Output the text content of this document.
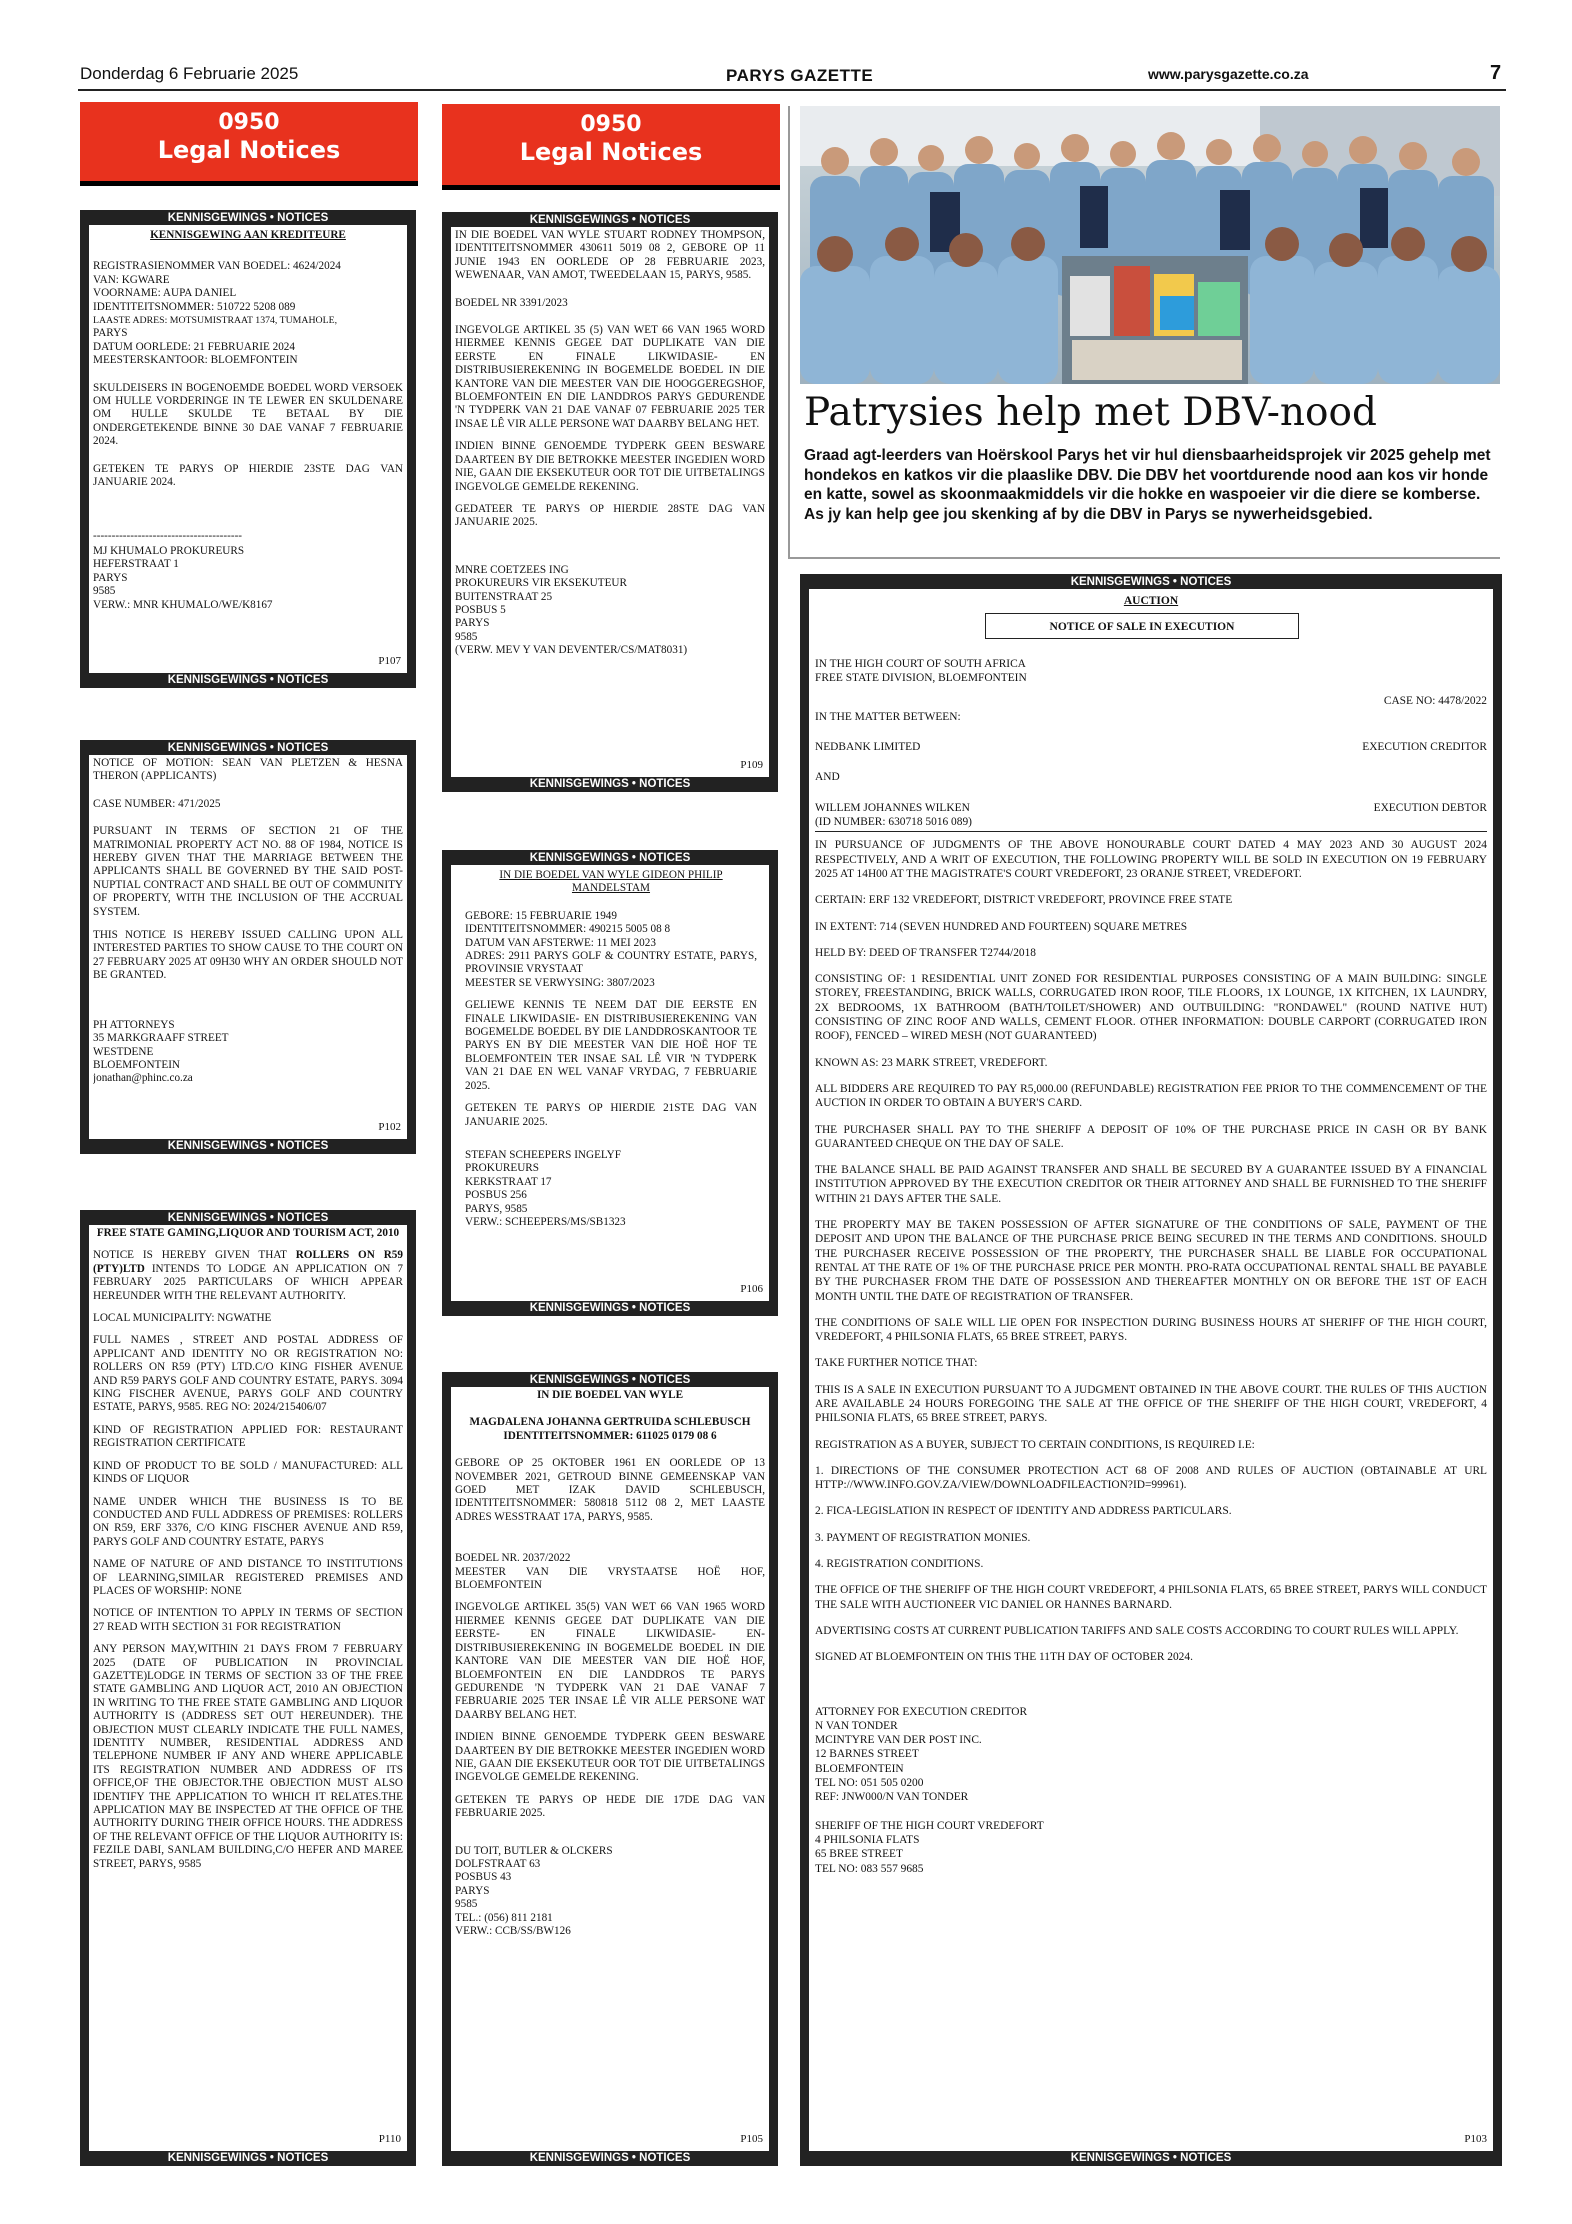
Donderdag 6 Februarie 2025	PARYS GAZETTE	www.parysgazette.co.za	7
0950
Legal Notices
0950
Legal Notices
KENNISGEWINGS • NOTICES

KENNISGEWING AAN KREDITEURE

REGISTRASIENOMMER VAN BOEDEL: 4624/2024
VAN: KGWARE
VOORNAME: AUPA DANIEL
IDENTITEITSNOMMER: 510722 5208 089
LAASTE ADRES: MOTSUMISTRAAT 1374, TUMAHOLE,
PARYS
DATUM OORLEDE: 21 FEBRUARIE 2024
MEESTERSKANTOOR: BLOEMFONTEIN

SKULDEISERS IN BOGENOEMDE BOEDEL WORD VERSOEK OM HULLE VORDERINGE IN TE LEWER EN SKULDENARE OM HULLE SKULDE TE BETAAL BY DIE ONDERGETEKENDE BINNE 30 DAE VANAF 7 FEBRUARIE 2024.

GETEKEN TE PARYS OP HIERDIE 23STE DAG VAN JANUARIE 2024.

----------------------------------------

MJ KHUMALO PROKUREURS
HEFERSTRAAT 1
PARYS
9585
VERW.: MNR KHUMALO/WE/K8167

P107
KENNISGEWINGS • NOTICES
KENNISGEWINGS • NOTICES

NOTICE OF MOTION: SEAN VAN PLETZEN & HESNA THERON (APPLICANTS)

CASE NUMBER: 471/2025

PURSUANT IN TERMS OF SECTION 21 OF THE MATRIMONIAL PROPERTY ACT NO. 88 OF 1984, NOTICE IS HEREBY GIVEN THAT THE MARRIAGE BETWEEN THE APPLICANTS SHALL BE GOVERNED BY THE SAID POST-NUPTIAL CONTRACT AND SHALL BE OUT OF COMMUNITY OF PROPERTY, WITH THE INCLUSION OF THE ACCRUAL SYSTEM.

THIS NOTICE IS HEREBY ISSUED CALLING UPON ALL INTERESTED PARTIES TO SHOW CAUSE TO THE COURT ON 27 FEBRUARY 2025 AT 09H30 WHY AN ORDER SHOULD NOT BE GRANTED.

PH ATTORNEYS
35 MARKGRAAFF STREET
WESTDENE
BLOEMFONTEIN
jonathan@phinc.co.za

P102
KENNISGEWINGS • NOTICES
KENNISGEWINGS • NOTICES

FREE STATE GAMING,LIQUOR AND TOURISM ACT, 2010

NOTICE IS HEREBY GIVEN THAT ROLLERS ON R59 (PTY)LTD INTENDS TO LODGE AN APPLICATION ON 7 FEBRUARY 2025 PARTICULARS OF WHICH APPEAR HEREUNDER WITH THE RELEVANT AUTHORITY.

LOCAL MUNICIPALITY: NGWATHE

FULL NAMES , STREET AND POSTAL ADDRESS OF APPLICANT AND IDENTITY NO OR REGISTRATION NO: ROLLERS ON R59 (PTY) LTD.C/O KING FISHER AVENUE AND R59 PARYS GOLF AND COUNTRY ESTATE, PARYS. 3094 KING FISCHER AVENUE, PARYS GOLF AND COUNTRY ESTATE, PARYS, 9585. REG NO: 2024/215406/07

KIND OF REGISTRATION APPLIED FOR: RESTAURANT REGISTRATION CERTIFICATE

KIND OF PRODUCT TO BE SOLD / MANUFACTURED: ALL KINDS OF LIQUOR

NAME UNDER WHICH THE BUSINESS IS TO BE CONDUCTED AND FULL ADDRESS OF PREMISES: ROLLERS ON R59, ERF 3376, C/O KING FISCHER AVENUE AND R59, PARYS GOLF AND COUNTRY ESTATE, PARYS

NAME OF NATURE OF AND DISTANCE TO INSTITUTIONS OF LEARNING,SIMILAR REGISTERED PREMISES AND PLACES OF WORSHIP: NONE

NOTICE OF INTENTION TO APPLY IN TERMS OF SECTION 27 READ WITH SECTION 31 FOR REGISTRATION

ANY PERSON MAY,WITHIN 21 DAYS FROM 7 FEBRUARY 2025 (DATE OF PUBLICATION IN PROVINCIAL GAZETTE)LODGE IN TERMS OF SECTION 33 OF THE FREE STATE GAMBLING AND LIQUOR ACT, 2010 AN OBJECTION IN WRITING TO THE FREE STATE GAMBLING AND LIQUOR AUTHORITY IS (ADDRESS SET OUT HEREUNDER). THE OBJECTION MUST CLEARLY INDICATE THE FULL NAMES, IDENTITY NUMBER, RESIDENTIAL ADDRESS AND TELEPHONE NUMBER IF ANY AND WHERE APPLICABLE ITS REGISTRATION NUMBER AND ADDRESS OF ITS OFFICE,OF THE OBJECTOR.THE OBJECTION MUST ALSO IDENTIFY THE APPLICATION TO WHICH IT RELATES.THE APPLICATION MAY BE INSPECTED AT THE OFFICE OF THE AUTHORITY DURING THEIR OFFICE HOURS. THE ADDRESS OF THE RELEVANT OFFICE OF THE LIQUOR AUTHORITY IS: FEZILE DABI, SANLAM BUILDING,C/O HEFER AND MAREE STREET, PARYS, 9585

P110
KENNISGEWINGS • NOTICES
KENNISGEWINGS • NOTICES

IN DIE BOEDEL VAN WYLE STUART RODNEY THOMPSON, IDENTITEITSNOMMER 430611 5019 08 2, GEBORE OP 11 JUNIE 1943 EN OORLEDE OP 28 FEBRUARIE 2023, WEWENAAR, VAN AMOT, TWEEDELAAN 15, PARYS, 9585.

BOEDEL NR 3391/2023

INGEVOLGE ARTIKEL 35 (5) VAN WET 66 VAN 1965 WORD HIERMEE KENNIS GEGEE DAT DUPLIKATE VAN DIE EERSTE EN FINALE LIKWIDASIE- EN DISTRIBUSIEREKENING IN BOGEMELDE BOEDEL IN DIE KANTORE VAN DIE MEESTER VAN DIE HOOGGEREGSHOF, BLOEMFONTEIN EN DIE LANDDROS PARYS GEDURENDE 'N TYDPERK VAN 21 DAE VANAF 07 FEBRUARIE 2025 TER INSAE LÊ VIR ALLE PERSONE WAT DAARBY BELANG HET.

INDIEN BINNE GENOEMDE TYDPERK GEEN BESWARE DAARTEEN BY DIE BETROKKE MEESTER INGEDIEN WORD NIE, GAAN DIE EKSEKUTEUR OOR TOT DIE UITBETALINGS INGEVOLGE GEMELDE REKENING.

GEDATEER TE PARYS OP HIERDIE 28STE DAG VAN JANUARIE 2025.

MNRE COETZEES ING
PROKUREURS VIR EKSEKUTEUR
BUITENSTRAAT 25
POSBUS 5
PARYS
9585
(VERW. MEV Y VAN DEVENTER/CS/MAT8031)

P109
KENNISGEWINGS • NOTICES
KENNISGEWINGS • NOTICES

IN DIE BOEDEL VAN WYLE GIDEON PHILIP MANDELSTAM

GEBORE: 15 FEBRUARIE 1949
IDENTITEITSNOMMER: 490215 5005 08 8
DATUM VAN AFSTERWE: 11 MEI 2023
ADRES: 2911 PARYS GOLF & COUNTRY ESTATE, PARYS, PROVINSIE VRYSTAAT
MEESTER SE VERWYSING: 3807/2023

GELIEWE KENNIS TE NEEM DAT DIE EERSTE EN FINALE LIKWIDASIE- EN DISTRIBUSIEREKENING VAN BOGEMELDE BOEDEL BY DIE LANDDROSKANTOOR TE PARYS EN BY DIE MEESTER VAN DIE HOË HOF TE BLOEMFONTEIN TER INSAE SAL LÊ VIR 'N TYDPERK VAN 21 DAE EN WEL VANAF VRYDAG, 7 FEBRUARIE 2025.

GETEKEN TE PARYS OP HIERDIE 21STE DAG VAN JANUARIE 2025.

STEFAN SCHEEPERS INGELYF
PROKUREURS
KERKSTRAAT 17
POSBUS 256
PARYS, 9585
VERW.: SCHEEPERS/MS/SB1323

P106
KENNISGEWINGS • NOTICES
KENNISGEWINGS • NOTICES

IN DIE BOEDEL VAN WYLE

MAGDALENA JOHANNA GERTRUIDA SCHLEBUSCH

IDENTITEITSNOMMER: 611025 0179 08 6

GEBORE OP 25 OKTOBER 1961 EN OORLEDE OP 13 NOVEMBER 2021, GETROUD BINNE GEMEENSKAP VAN GOED MET IZAK DAVID SCHLEBUSCH, IDENTITEITSNOMMER: 580818 5112 08 2, MET LAASTE ADRES WESSTRAAT 17A, PARYS, 9585.

BOEDEL NR. 2037/2022

MEESTER VAN DIE VRYSTAATSE HOË HOF, BLOEMFONTEIN

INGEVOLGE ARTIKEL 35(5) VAN WET 66 VAN 1965 WORD HIERMEE KENNIS GEGEE DAT DUPLIKATE VAN DIE EERSTE- EN FINALE LIKWIDASIE- EN-DISTRIBUSIEREKENING IN BOGEMELDE BOEDEL IN DIE KANTORE VAN DIE MEESTER VAN DIE HOË HOF, BLOEMFONTEIN EN DIE LANDDROS TE PARYS GEDURENDE 'N TYDPERK VAN 21 DAE VANAF 7 FEBRUARIE 2025 TER INSAE LÊ VIR ALLE PERSONE WAT DAARBY BELANG HET.

INDIEN BINNE GENOEMDE TYDPERK GEEN BESWARE DAARTEEN BY DIE BETROKKE MEESTER INGEDIEN WORD NIE, GAAN DIE EKSEKUTEUR OOR TOT DIE UITBETALINGS INGEVOLGE GEMELDE REKENING.

GETEKEN TE PARYS OP HEDE DIE 17DE DAG VAN FEBRUARIE 2025.

DU TOIT, BUTLER & OLCKERS
DOLFSTRAAT 63
POSBUS 43
PARYS
9585
TEL.: (056) 811 2181
VERW.: CCB/SS/BW126

P105
KENNISGEWINGS • NOTICES
Patrysies help met DBV-nood
Graad agt-leerders van Hoërskool Parys het vir hul diensbaarheidsprojek vir 2025 gehelp met hondekos en katkos vir die plaaslike DBV. Die DBV het voortdurende nood aan kos vir honde en katte, sowel as skoonmaakmiddels vir die hokke en waspoeier vir die diere se komberse. As jy kan help gee jou skenking af by die DBV in Parys se nywerheidsgebied.
KENNISGEWINGS • NOTICES
AUCTION
NOTICE OF SALE IN EXECUTION

IN THE HIGH COURT OF SOUTH AFRICA
FREE STATE DIVISION, BLOEMFONTEIN

CASE NO: 4478/2022

IN THE MATTER BETWEEN:

NEDBANK LIMITED	EXECUTION CREDITOR

AND

WILLEM JOHANNES WILKEN	EXECUTION DEBTOR

(ID NUMBER: 630718 5016 089)

IN PURSUANCE OF JUDGMENTS OF THE ABOVE HONOURABLE COURT DATED 4 MAY 2023 AND 30 AUGUST 2024 RESPECTIVELY, AND A WRIT OF EXECUTION, THE FOLLOWING PROPERTY WILL BE SOLD IN EXECUTION ON 19 FEBRUARY 2025 AT 14H00 AT THE MAGISTRATE'S COURT VREDEFORT, 23 ORANJE STREET, VREDEFORT.

CERTAIN: ERF 132 VREDEFORT, DISTRICT VREDEFORT, PROVINCE FREE STATE

IN EXTENT: 714 (SEVEN HUNDRED AND FOURTEEN) SQUARE METRES

HELD BY: DEED OF TRANSFER T2744/2018

CONSISTING OF: 1 RESIDENTIAL UNIT ZONED FOR RESIDENTIAL PURPOSES CONSISTING OF A MAIN BUILDING: SINGLE STOREY, FREESTANDING, BRICK WALLS, CORRUGATED IRON ROOF, TILE FLOORS, 1X LOUNGE, 1X KITCHEN, 1X LAUNDRY, 2X BEDROOMS, 1X BATHROOM (BATH/TOILET/SHOWER) AND OUTBUILDING: "RONDAWEL" (ROUND NATIVE HUT) CONSISTING OF ZINC ROOF AND WALLS, CEMENT FLOOR. OTHER INFORMATION: DOUBLE CARPORT (CORRUGATED IRON ROOF), FENCED – WIRED MESH (NOT GUARANTEED)

KNOWN AS: 23 MARK STREET, VREDEFORT.

ALL BIDDERS ARE REQUIRED TO PAY R5,000.00 (REFUNDABLE) REGISTRATION FEE PRIOR TO THE COMMENCEMENT OF THE AUCTION IN ORDER TO OBTAIN A BUYER'S CARD.

THE PURCHASER SHALL PAY TO THE SHERIFF A DEPOSIT OF 10% OF THE PURCHASE PRICE IN CASH OR BY BANK GUARANTEED CHEQUE ON THE DAY OF SALE.

THE BALANCE SHALL BE PAID AGAINST TRANSFER AND SHALL BE SECURED BY A GUARANTEE ISSUED BY A FINANCIAL INSTITUTION APPROVED BY THE EXECUTION CREDITOR OR THEIR ATTORNEY AND SHALL BE FURNISHED TO THE SHERIFF WITHIN 21 DAYS AFTER THE SALE.

THE PROPERTY MAY BE TAKEN POSSESSION OF AFTER SIGNATURE OF THE CONDITIONS OF SALE, PAYMENT OF THE DEPOSIT AND UPON THE BALANCE OF THE PURCHASE PRICE BEING SECURED IN THE TERMS AND CONDITIONS. SHOULD THE PURCHASER RECEIVE POSSESSION OF THE PROPERTY, THE PURCHASER SHALL BE LIABLE FOR OCCUPATIONAL RENTAL AT THE RATE OF 1% OF THE PURCHASE PRICE PER MONTH. PRO-RATA OCCUPATIONAL RENTAL SHALL BE PAYABLE BY THE PURCHASER FROM THE DATE OF POSSESSION AND THEREAFTER MONTHLY ON OR BEFORE THE 1ST OF EACH MONTH UNTIL THE DATE OF REGISTRATION OF TRANSFER.

THE CONDITIONS OF SALE WILL LIE OPEN FOR INSPECTION DURING BUSINESS HOURS AT SHERIFF OF THE HIGH COURT, VREDEFORT, 4 PHILSONIA FLATS, 65 BREE STREET, PARYS.

TAKE FURTHER NOTICE THAT:

THIS IS A SALE IN EXECUTION PURSUANT TO A JUDGMENT OBTAINED IN THE ABOVE COURT. THE RULES OF THIS AUCTION ARE AVAILABLE 24 HOURS FOREGOING THE SALE AT THE OFFICE OF THE SHERIFF OF THE HIGH COURT, VREDEFORT, 4 PHILSONIA FLATS, 65 BREE STREET, PARYS.

REGISTRATION AS A BUYER, SUBJECT TO CERTAIN CONDITIONS, IS REQUIRED I.E:

1. DIRECTIONS OF THE CONSUMER PROTECTION ACT 68 OF 2008 AND RULES OF AUCTION (OBTAINABLE AT URL HTTP://WWW.INFO.GOV.ZA/VIEW/DOWNLOADFILEACTION?ID=99961).

2. FICA-LEGISLATION IN RESPECT OF IDENTITY AND ADDRESS PARTICULARS.

3. PAYMENT OF REGISTRATION MONIES.

4. REGISTRATION CONDITIONS.

THE OFFICE OF THE SHERIFF OF THE HIGH COURT VREDEFORT, 4 PHILSONIA FLATS, 65 BREE STREET, PARYS WILL CONDUCT THE SALE WITH AUCTIONEER VIC DANIEL OR HANNES BARNARD.

ADVERTISING COSTS AT CURRENT PUBLICATION TARIFFS AND SALE COSTS ACCORDING TO COURT RULES WILL APPLY.

SIGNED AT BLOEMFONTEIN ON THIS THE 11TH DAY OF OCTOBER 2024.

ATTORNEY FOR EXECUTION CREDITOR
N VAN TONDER
MCINTYRE VAN DER POST INC.
12 BARNES STREET
BLOEMFONTEIN
TEL NO: 051 505 0200
REF: JNW000/N VAN TONDER

SHERIFF OF THE HIGH COURT VREDEFORT
4 PHILSONIA FLATS
65 BREE STREET
TEL NO: 083 557 9685

P103
KENNISGEWINGS • NOTICES
